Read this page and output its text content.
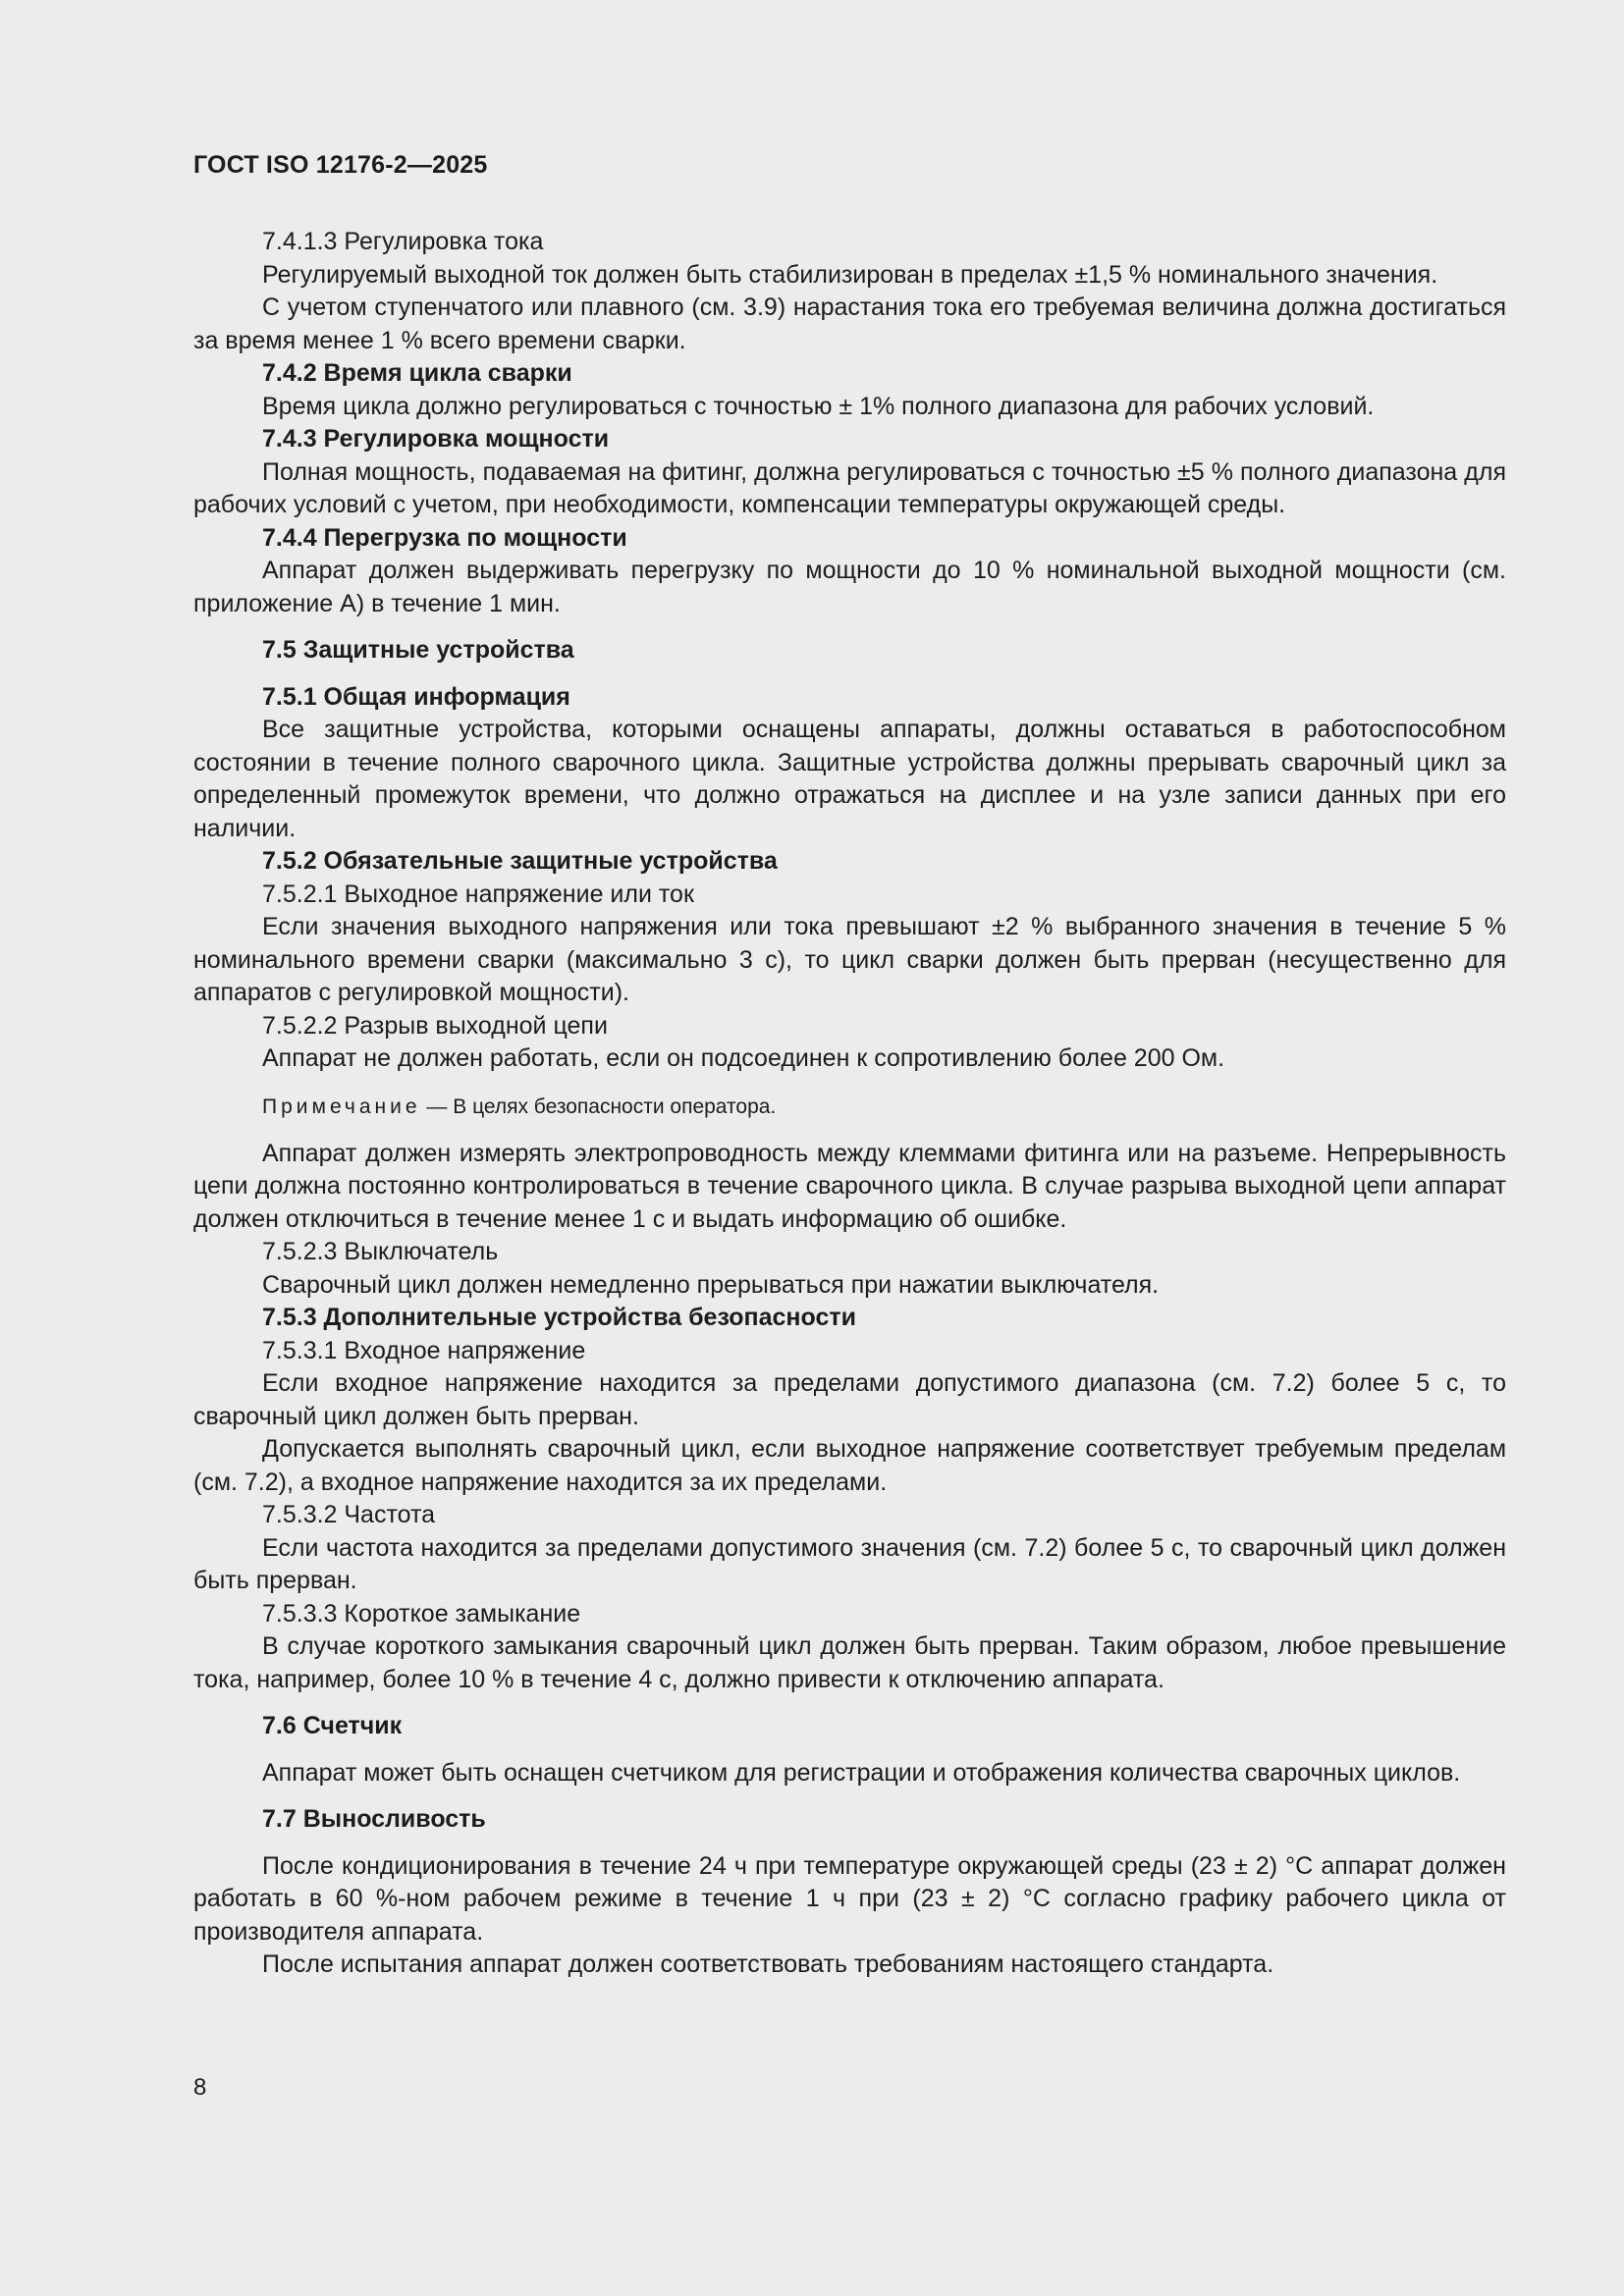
ГОСТ ISO 12176-2—2025
7.4.1.3 Регулировка тока
Регулируемый выходной ток должен быть стабилизирован в пределах ±1,5 % номинального значения.
С учетом ступенчатого или плавного (см. 3.9) нарастания тока его требуемая величина должна достигаться за время менее 1 % всего времени сварки.
7.4.2 Время цикла сварки
Время цикла должно регулироваться с точностью ± 1% полного диапазона для рабочих условий.
7.4.3 Регулировка мощности
Полная мощность, подаваемая на фитинг, должна регулироваться с точностью ±5 % полного диапазона для рабочих условий с учетом, при необходимости, компенсации температуры окружающей среды.
7.4.4 Перегрузка по мощности
Аппарат должен выдерживать перегрузку по мощности до 10 % номинальной выходной мощности (см. приложение А) в течение 1 мин.
7.5 Защитные устройства
7.5.1 Общая информация
Все защитные устройства, которыми оснащены аппараты, должны оставаться в работоспособном состоянии в течение полного сварочного цикла. Защитные устройства должны прерывать сварочный цикл за определенный промежуток времени, что должно отражаться на дисплее и на узле записи данных при его наличии.
7.5.2 Обязательные защитные устройства
7.5.2.1 Выходное напряжение или ток
Если значения выходного напряжения или тока превышают ±2 % выбранного значения в течение 5 % номинального времени сварки (максимально 3 с), то цикл сварки должен быть прерван (несущественно для аппаратов с регулировкой мощности).
7.5.2.2 Разрыв выходной цепи
Аппарат не должен работать, если он подсоединен к сопротивлению более 200 Ом.
Примечание — В целях безопасности оператора.
Аппарат должен измерять электропроводность между клеммами фитинга или на разъеме. Непрерывность цепи должна постоянно контролироваться в течение сварочного цикла. В случае разрыва выходной цепи аппарат должен отключиться в течение менее 1 с и выдать информацию об ошибке.
7.5.2.3 Выключатель
Сварочный цикл должен немедленно прерываться при нажатии выключателя.
7.5.3 Дополнительные устройства безопасности
7.5.3.1 Входное напряжение
Если входное напряжение находится за пределами допустимого диапазона (см. 7.2) более 5 с, то сварочный цикл должен быть прерван.
Допускается выполнять сварочный цикл, если выходное напряжение соответствует требуемым пределам (см. 7.2), а входное напряжение находится за их пределами.
7.5.3.2 Частота
Если частота находится за пределами допустимого значения (см. 7.2) более 5 с, то сварочный цикл должен быть прерван.
7.5.3.3 Короткое замыкание
В случае короткого замыкания сварочный цикл должен быть прерван. Таким образом, любое превышение тока, например, более 10 % в течение 4 с, должно привести к отключению аппарата.
7.6 Счетчик
Аппарат может быть оснащен счетчиком для регистрации и отображения количества сварочных циклов.
7.7 Выносливость
После кондиционирования в течение 24 ч при температуре окружающей среды (23 ± 2) °С аппарат должен работать в 60 %-ном рабочем режиме в течение 1 ч при (23 ± 2) °С согласно графику рабочего цикла от производителя аппарата.
После испытания аппарат должен соответствовать требованиям настоящего стандарта.
8
